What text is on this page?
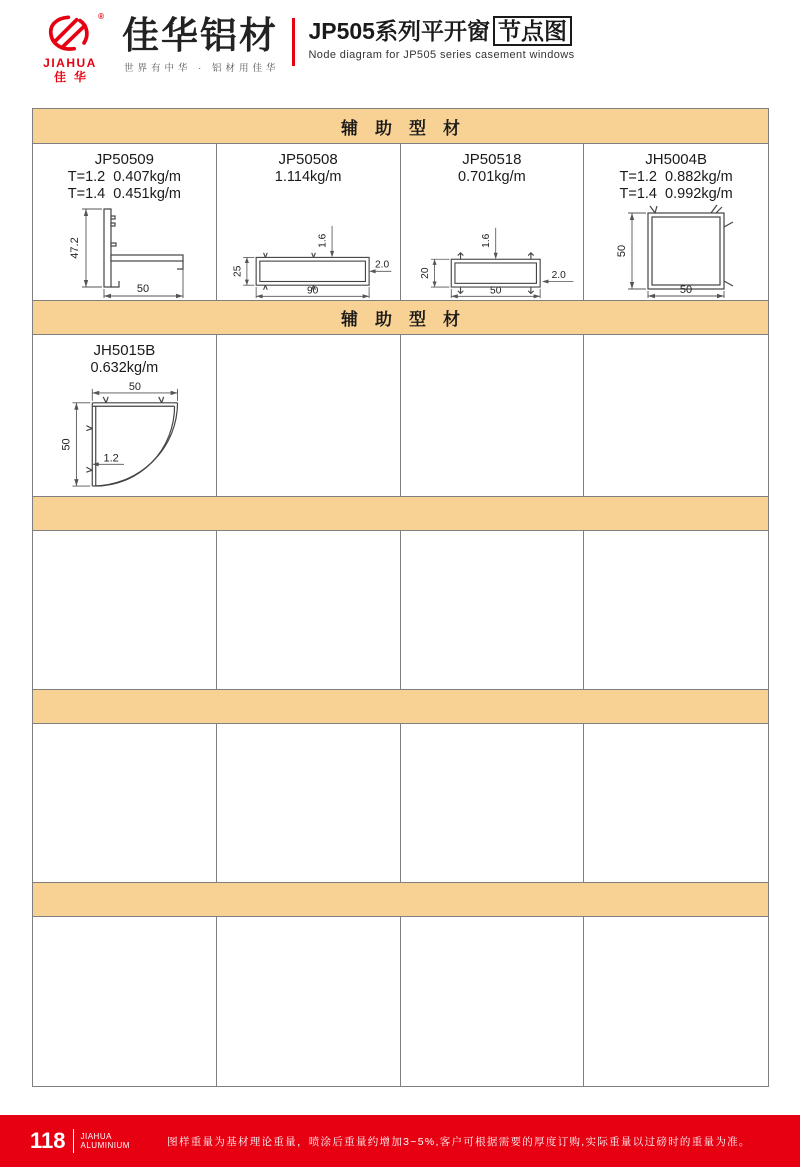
®
JIAHUA
佳华
佳华铝材
世界有中华 · 铝材用佳华
JP505系列平开窗 节点图
Node diagram for JP505 series casement windows
辅助型材
JP50509
T=1.2  0.407kg/m
T=1.4  0.451kg/m
47.2
50
JP50508
1.114kg/m
25
90
1.6
2.0
JP50518
0.701kg/m
20
50
1.6
2.0
JH5004B
T=1.2  0.882kg/m
T=1.4  0.992kg/m
50
50
辅助型材
JH5015B
0.632kg/m
50
50
1.2
118 JIAHUA
ALUMINIUM	图样重量为基材理论重量，喷涂后重量约增加3~5%,客户可根据需要的厚度订购,实际重量以过磅时的重量为准。
